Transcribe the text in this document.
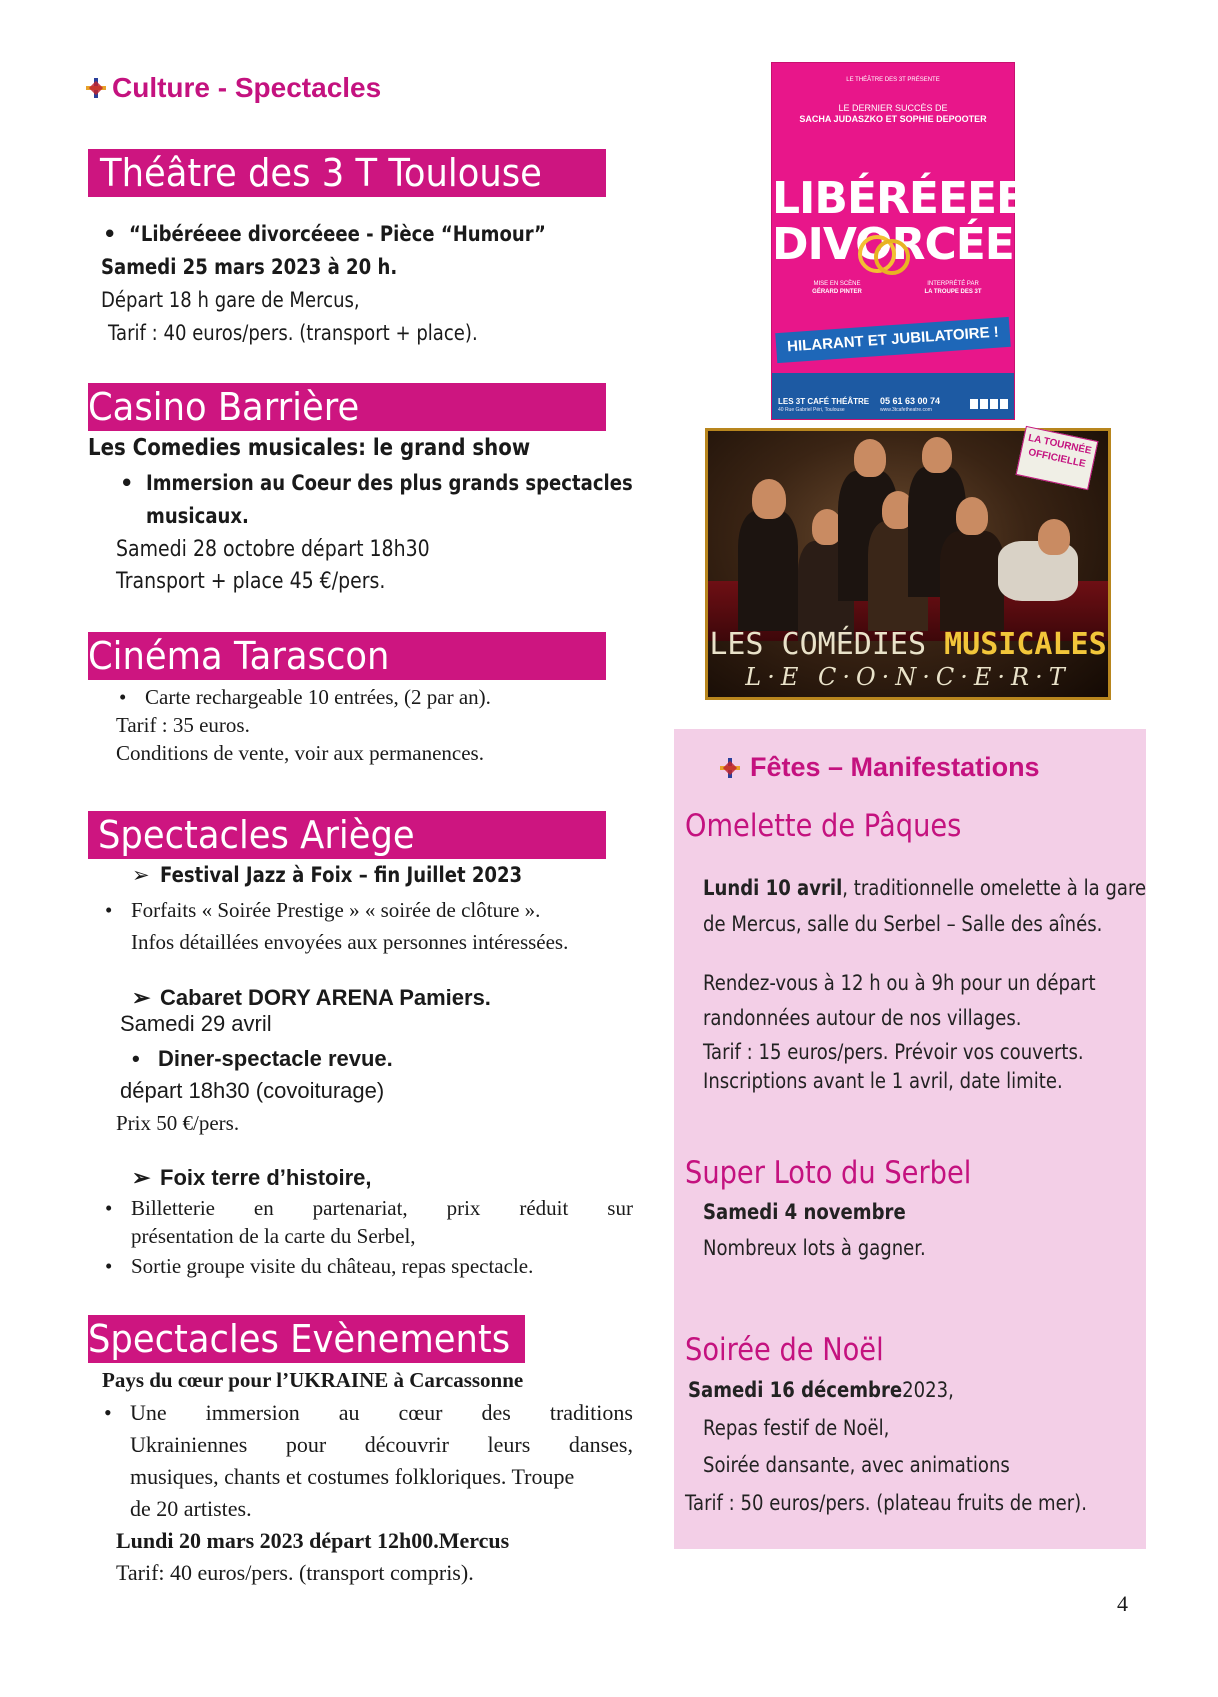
Culture - Spectacles
Théâtre des 3 T Toulouse
• “Libéréeee divorcéeee - Pièce “Humour”
Samedi 25 mars 2023 à 20 h.
Départ 18 h gare de Mercus,
Tarif : 40 euros/pers. (transport + place).
Casino Barrière
Les Comedies musicales: le grand show
• Immersion au Coeur des plus grands spectacles
musicaux.
Samedi 28 octobre départ 18h30
Transport + place 45 €/pers.
Cinéma Tarascon
• Carte rechargeable 10 entrées, (2 par an).
Tarif : 35 euros.
Conditions de vente, voir aux permanences.
Spectacles Ariège
➢ Festival Jazz à Foix – fin Juillet 2023
• Forfaits « Soirée Prestige » « soirée de clôture ».
Infos détaillées envoyées aux personnes intéressées.
➢ Cabaret DORY ARENA Pamiers.
Samedi 29 avril
• Diner-spectacle revue.
départ 18h30 (covoiturage)
Prix 50 €/pers.
➢ Foix terre d’histoire,
• Billetterie en partenariat, prix réduit sur
présentation de la carte du Serbel,
• Sortie groupe visite du château, repas spectacle.
Spectacles Evènements
Pays du cœur pour l’UKRAINE à Carcassonne
• Une immersion au cœur des traditions
Ukrainiennes pour découvrir leurs danses,
musiques, chants et costumes folkloriques. Troupe
de 20 artistes.
Lundi 20 mars 2023 départ 12h00.Mercus
Tarif: 40 euros/pers. (transport compris).
LE THÉÂTRE DES 3T PRÉSENTE
LE DERNIER SUCCÈS DE
SACHA JUDASZKO ET SOPHIE DEPOOTER
LIBÉRÉEEE
DIVORCÉEE
MISE EN SCÈNE
GÉRARD PINTER
INTERPRÉTÉ PAR
LA TROUPE DES 3T
HILARANT ET JUBILATOIRE !
LES 3T CAFÉ THÉÂTRE 05 61 63 00 74
40 Rue Gabriel Péri, Toulouse	www.3tcafetheatre.com
LA TOURNÉE OFFICIELLE
LES COMÉDIES MUSICALES
L·E C·O·N·C·E·R·T
Fêtes – Manifestations
Omelette de Pâques
Lundi 10 avril, traditionnelle omelette à la gare
de Mercus, salle du Serbel – Salle des aînés.
Rendez-vous à 12 h ou à 9h pour un départ
randonnées autour de nos villages.
Tarif : 15 euros/pers. Prévoir vos couverts.
Inscriptions avant le 1 avril, date limite.
Super Loto du Serbel
Samedi 4 novembre
Nombreux lots à gagner.
Soirée de Noël
Samedi 16 décembre2023,
Repas festif de Noël,
Soirée dansante, avec animations
Tarif : 50 euros/pers. (plateau fruits de mer).
4
